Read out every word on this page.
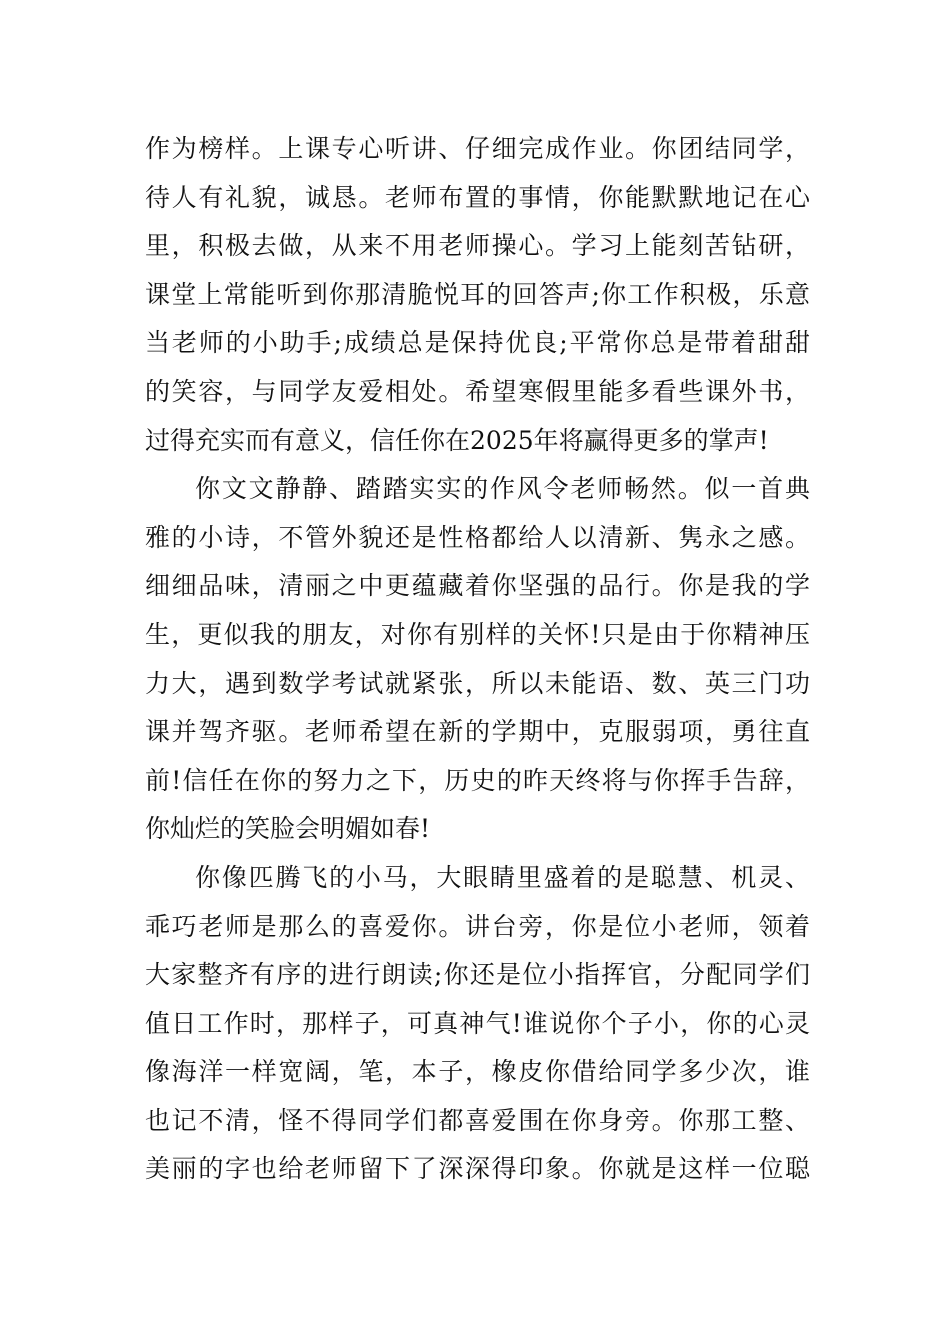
作为榜样。上课专心听讲、仔细完成作业。你团结同学，
待人有礼貌，诚恳。老师布置的事情，你能默默地记在心
里，积极去做，从来不用老师操心。学习上能刻苦钻研，
课堂上常能听到你那清脆悦耳的回答声;你工作积极，乐意
当老师的小助手;成绩总是保持优良;平常你总是带着甜甜
的笑容，与同学友爱相处。希望寒假里能多看些课外书，
过得充实而有意义，信任你在2025年将赢得更多的掌声!
你文文静静、踏踏实实的作风令老师畅然。似一首典
雅的小诗，不管外貌还是性格都给人以清新、隽永之感。
细细品味，清丽之中更蕴藏着你坚强的品行。你是我的学
生，更似我的朋友，对你有别样的关怀!只是由于你精神压
力大，遇到数学考试就紧张，所以未能语、数、英三门功
课并驾齐驱。老师希望在新的学期中，克服弱项，勇往直
前!信任在你的努力之下，历史的昨天终将与你挥手告辞，
你灿烂的笑脸会明媚如春!
你像匹腾飞的小马，大眼睛里盛着的是聪慧、机灵、
乖巧老师是那么的喜爱你。讲台旁，你是位小老师，领着
大家整齐有序的进行朗读;你还是位小指挥官，分配同学们
值日工作时，那样子，可真神气!谁说你个子小，你的心灵
像海洋一样宽阔，笔，本子，橡皮你借给同学多少次，谁
也记不清，怪不得同学们都喜爱围在你身旁。你那工整、
美丽的字也给老师留下了深深得印象。你就是这样一位聪
